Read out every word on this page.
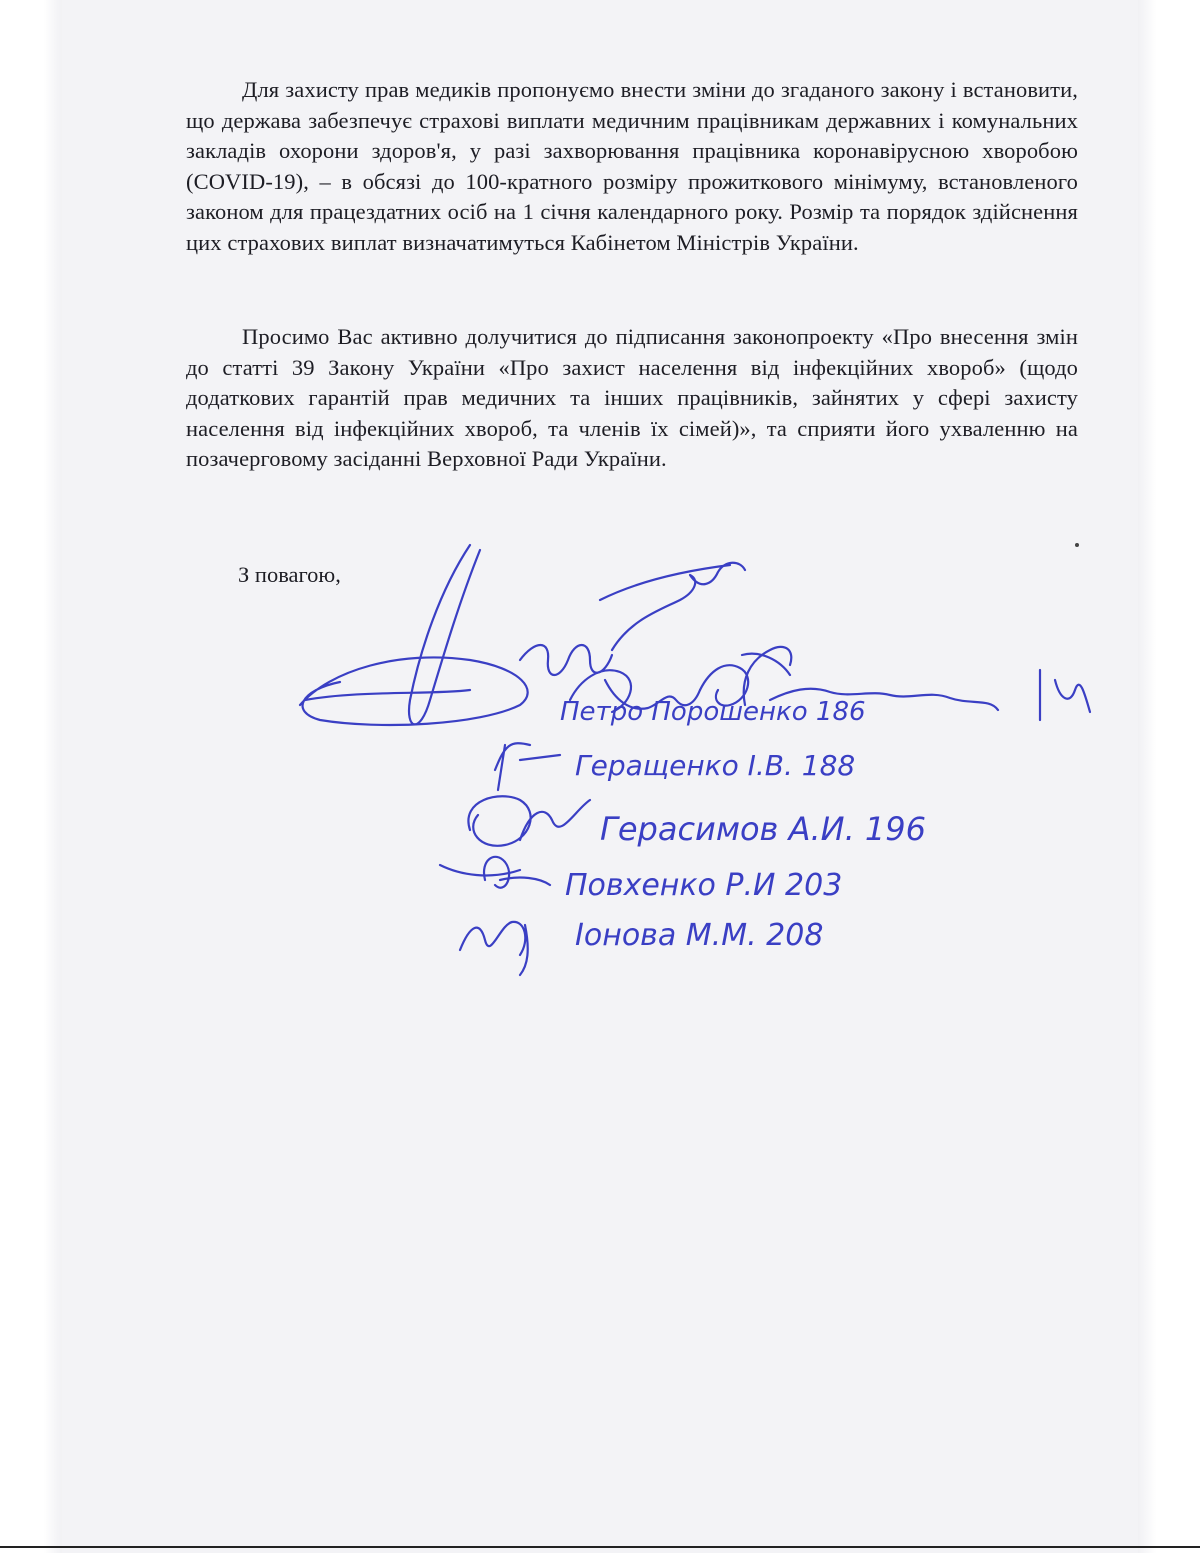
Для захисту прав медиків пропонуємо внести зміни до згаданого закону і встановити, що держава забезпечує страхові виплати медичним працівникам державних і комунальних закладів охорони здоров'я, у разі захворювання працівника коронавірусною хворобою (COVID-19), – в обсязі до 100-кратного розміру прожиткового мінімуму, встановленого законом для працездатних осіб на 1 січня календарного року. Розмір та порядок здійснення цих страхових виплат визначатимуться Кабінетом Міністрів України.

Просимо Вас активно долучитися до підписання законопроекту «Про внесення змін до статті 39 Закону України «Про захист населення від інфекційних хвороб» (щодо додаткових гарантій прав медичних та інших працівників, зайнятих у сфері захисту населення від інфекційних хвороб, та членів їх сімей)», та сприяти його ухваленню на позачерговому засіданні Верховної Ради України.

З повагою,
Петро Порошенко 186
Геращенко І.В. 188
Герасимов А.И. 196
Повхенко Р.И 203
Іонова М.М. 208
